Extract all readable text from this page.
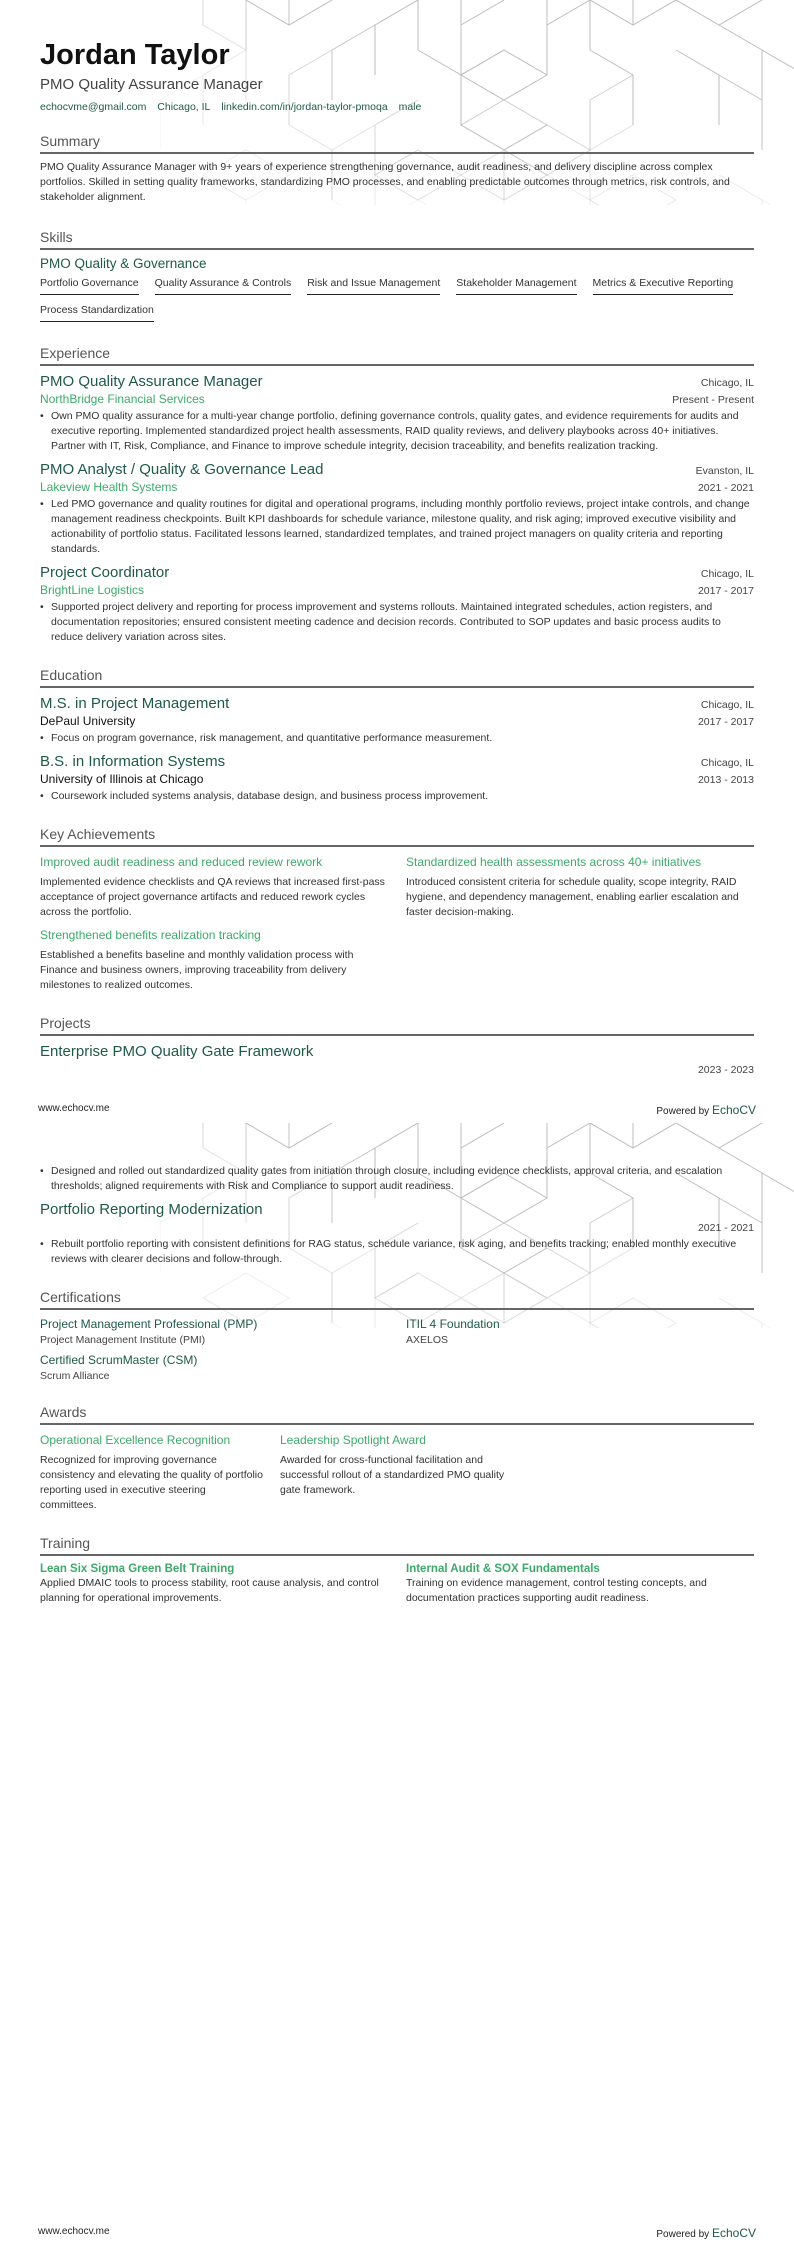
Jordan Taylor
PMO Quality Assurance Manager
echocvme@gmail.com Chicago, IL linkedin.com/in/jordan-taylor-pmoqa male
Summary
PMO Quality Assurance Manager with 9+ years of experience strengthening governance, audit readiness, and delivery discipline across complex portfolios. Skilled in setting quality frameworks, standardizing PMO processes, and enabling predictable outcomes through metrics, risk controls, and stakeholder alignment.
Skills
PMO Quality & Governance
Portfolio Governance Quality Assurance & Controls Risk and Issue Management Stakeholder Management Metrics & Executive Reporting
Process Standardization
Experience
PMO Quality Assurance Manager	Chicago, IL
NorthBridge Financial Services	Present - Present
• Own PMO quality assurance for a multi-year change portfolio, defining governance controls, quality gates, and evidence requirements for audits and executive reporting. Implemented standardized project health assessments, RAID quality reviews, and delivery playbooks across 40+ initiatives. Partner with IT, Risk, Compliance, and Finance to improve schedule integrity, decision traceability, and benefits realization tracking.
PMO Analyst / Quality & Governance Lead	Evanston, IL
Lakeview Health Systems	2021 - 2021
• Led PMO governance and quality routines for digital and operational programs, including monthly portfolio reviews, project intake controls, and change management readiness checkpoints. Built KPI dashboards for schedule variance, milestone quality, and risk aging; improved executive visibility and actionability of portfolio status. Facilitated lessons learned, standardized templates, and trained project managers on quality criteria and reporting standards.
Project Coordinator	Chicago, IL
BrightLine Logistics	2017 - 2017
• Supported project delivery and reporting for process improvement and systems rollouts. Maintained integrated schedules, action registers, and documentation repositories; ensured consistent meeting cadence and decision records. Contributed to SOP updates and basic process audits to reduce delivery variation across sites.
Education
M.S. in Project Management	Chicago, IL
DePaul University	2017 - 2017
• Focus on program governance, risk management, and quantitative performance measurement.
B.S. in Information Systems	Chicago, IL
University of Illinois at Chicago	2013 - 2013
• Coursework included systems analysis, database design, and business process improvement.
Key Achievements
Improved audit readiness and reduced review rework
Implemented evidence checklists and QA reviews that increased first-pass acceptance of project governance artifacts and reduced rework cycles across the portfolio.
Standardized health assessments across 40+ initiatives
Introduced consistent criteria for schedule quality, scope integrity, RAID hygiene, and dependency management, enabling earlier escalation and faster decision-making.
Strengthened benefits realization tracking
Established a benefits baseline and monthly validation process with Finance and business owners, improving traceability from delivery milestones to realized outcomes.
Projects
Enterprise PMO Quality Gate Framework
2023 - 2023
www.echocv.me	Powered by EchoCV
• Designed and rolled out standardized quality gates from initiation through closure, including evidence checklists, approval criteria, and escalation thresholds; aligned requirements with Risk and Compliance to support audit readiness.
Portfolio Reporting Modernization
2021 - 2021
• Rebuilt portfolio reporting with consistent definitions for RAG status, schedule variance, risk aging, and benefits tracking; enabled monthly executive reviews with clearer decisions and follow-through.
Certifications
Project Management Professional (PMP)
Project Management Institute (PMI)
ITIL 4 Foundation
AXELOS
Certified ScrumMaster (CSM)
Scrum Alliance
Awards
Operational Excellence Recognition
Recognized for improving governance consistency and elevating the quality of portfolio reporting used in executive steering committees.
Leadership Spotlight Award
Awarded for cross-functional facilitation and successful rollout of a standardized PMO quality gate framework.
Training
Lean Six Sigma Green Belt Training
Applied DMAIC tools to process stability, root cause analysis, and control planning for operational improvements.
Internal Audit & SOX Fundamentals
Training on evidence management, control testing concepts, and documentation practices supporting audit readiness.
www.echocv.me	Powered by EchoCV
